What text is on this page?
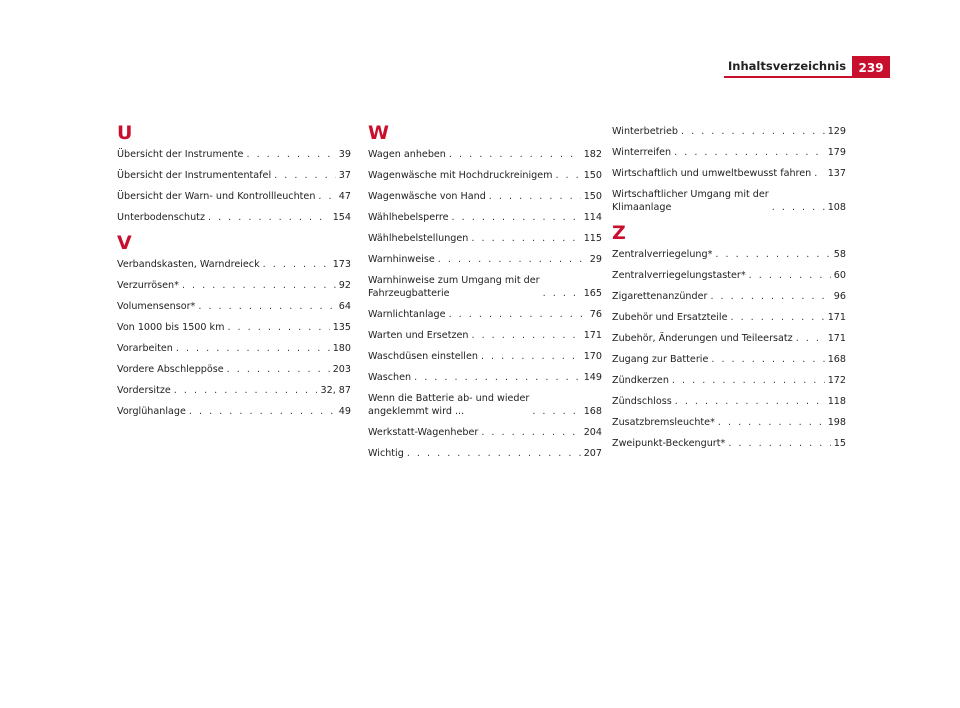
Inhaltsverzeichnis	239
U
Übersicht der Instrumente . . .	39
Übersicht der Instrumententafel . . .	37
Übersicht der Warn- und Kontrollleuchten . . . 47
Unterbodenschutz . . .	154
V
Verbandskasten, Warndreieck . . .	173
Verzurrösen* . . .	92
Volumensensor* . . .	64
Von 1000 bis 1500 km . . .	135
Vorarbeiten . . .	180
Vordere Abschleppöse . . .	203
Vordersitze . . .	32, 87
Vorglühanlage . . .	49
W
Wagen anheben . . .	182
Wagenwäsche mit Hochdruckreinigem . . .	150
Wagenwäsche von Hand . . .	150
Wählhebelsperre . . .	114
Wählhebelstellungen . . .	115
Warnhinweise . . .	29
Warnhinweise zum Umgang mit der
Fahrzeugbatterie . . .	165
Warnlichtanlage . . .	76
Warten und Ersetzen . . .	171
Waschdüsen einstellen . . .	170
Waschen . . .	149
Wenn die Batterie ab- und wieder
angeklemmt wird ... . . .	168
Werkstatt-Wagenheber . . .	204
Wichtig . . .	207
Winterbetrieb . . .	129
Winterreifen . . .	179
Wirtschaftlich und umweltbewusst fahren . . . 137
Wirtschaftlicher Umgang mit der
Klimaanlage . . .	108
Z
Zentralverriegelung* . . .	58
Zentralverriegelungstaster* . . .	60
Zigarettenanzünder . . .	96
Zubehör und Ersatzteile . . .	171
Zubehör, Änderungen und Teileersatz . . .	171
Zugang zur Batterie . . .	168
Zündkerzen . . .	172
Zündschloss . . .	118
Zusatzbremsleuchte* . . .	198
Zweipunkt-Beckengurt* . . .	15
